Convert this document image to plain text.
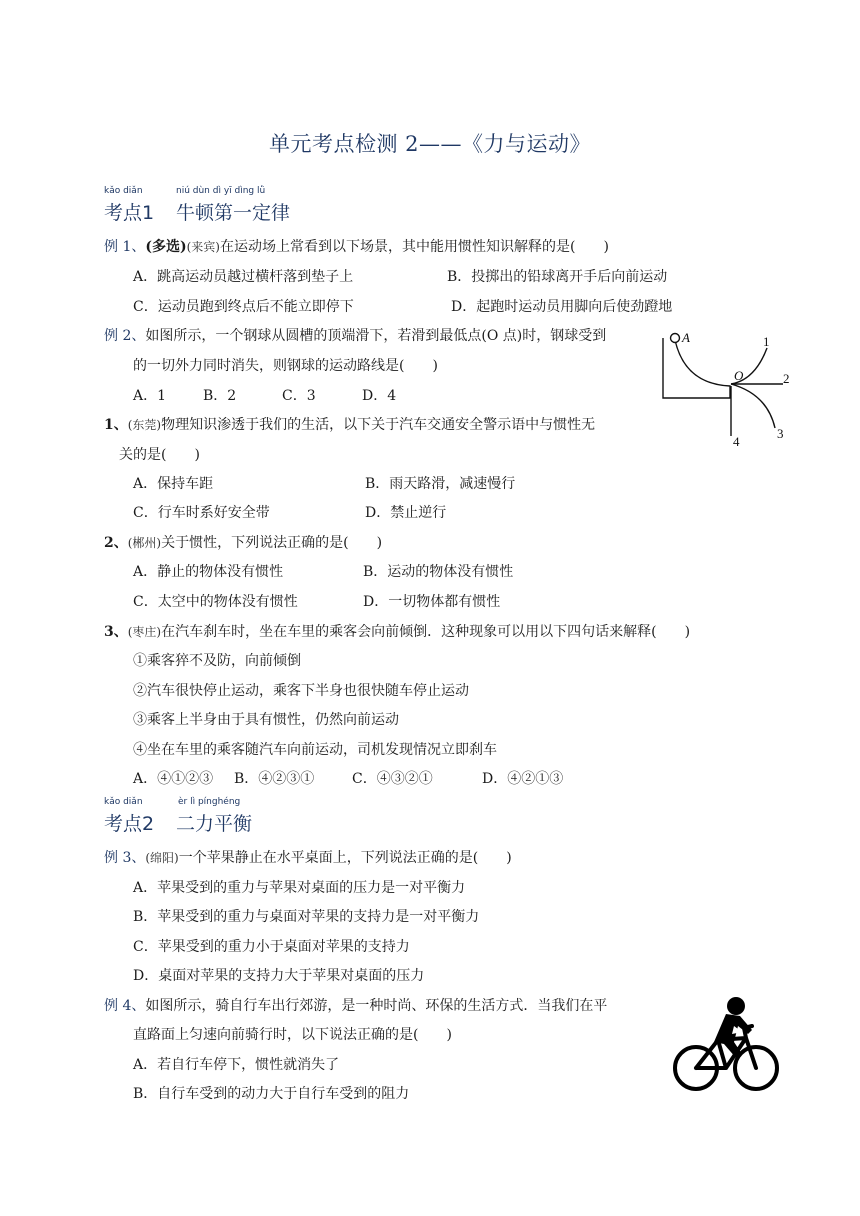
单元考点检测 2——《力与运动》
kǎo diǎn	niú dùn dì yī dìng lǜ
考点1 牛顿第一定律
例 1、(多选)(来宾)在运动场上常看到以下场景，其中能用惯性知识解释的是(　　)
A．跳高运动员越过横杆落到垫子上	B．投掷出的铅球离开手后向前运动
C．运动员跑到终点后不能立即停下	D．起跑时运动员用脚向后使劲蹬地
例 2、如图所示，一个钢球从圆槽的顶端滑下，若滑到最低点(O 点)时，钢球受到
的一切外力同时消失，则钢球的运动路线是(　　)
A．1	B．2	C．3	D．4
A
O
1
2
3
4
1、(东莞)物理知识渗透于我们的生活，以下关于汽车交通安全警示语中与惯性无
关的是(　　)
A．保持车距	B．雨天路滑，减速慢行
C．行车时系好安全带	D．禁止逆行
2、(郴州)关于惯性，下列说法正确的是(　　)
A．静止的物体没有惯性	B．运动的物体没有惯性
C．太空中的物体没有惯性	D．一切物体都有惯性
3、(枣庄)在汽车刹车时，坐在车里的乘客会向前倾倒．这种现象可以用以下四句话来解释(　　)
①乘客猝不及防，向前倾倒
②汽车很快停止运动，乘客下半身也很快随车停止运动
③乘客上半身由于具有惯性，仍然向前运动
④坐在车里的乘客随汽车向前运动，司机发现情况立即刹车
A．④①②③ B．④②③①	C．④③②①	D．④②①③
kǎo diǎn	èr lì pínghéng
考点2 二力平衡
例 3、(绵阳)一个苹果静止在水平桌面上，下列说法正确的是(　　)
A．苹果受到的重力与苹果对桌面的压力是一对平衡力
B．苹果受到的重力与桌面对苹果的支持力是一对平衡力
C．苹果受到的重力小于桌面对苹果的支持力
D．桌面对苹果的支持力大于苹果对桌面的压力
例 4、如图所示，骑自行车出行郊游，是一种时尚、环保的生活方式．当我们在平
直路面上匀速向前骑行时，以下说法正确的是(　　)
A．若自行车停下，惯性就消失了
B．自行车受到的动力大于自行车受到的阻力
